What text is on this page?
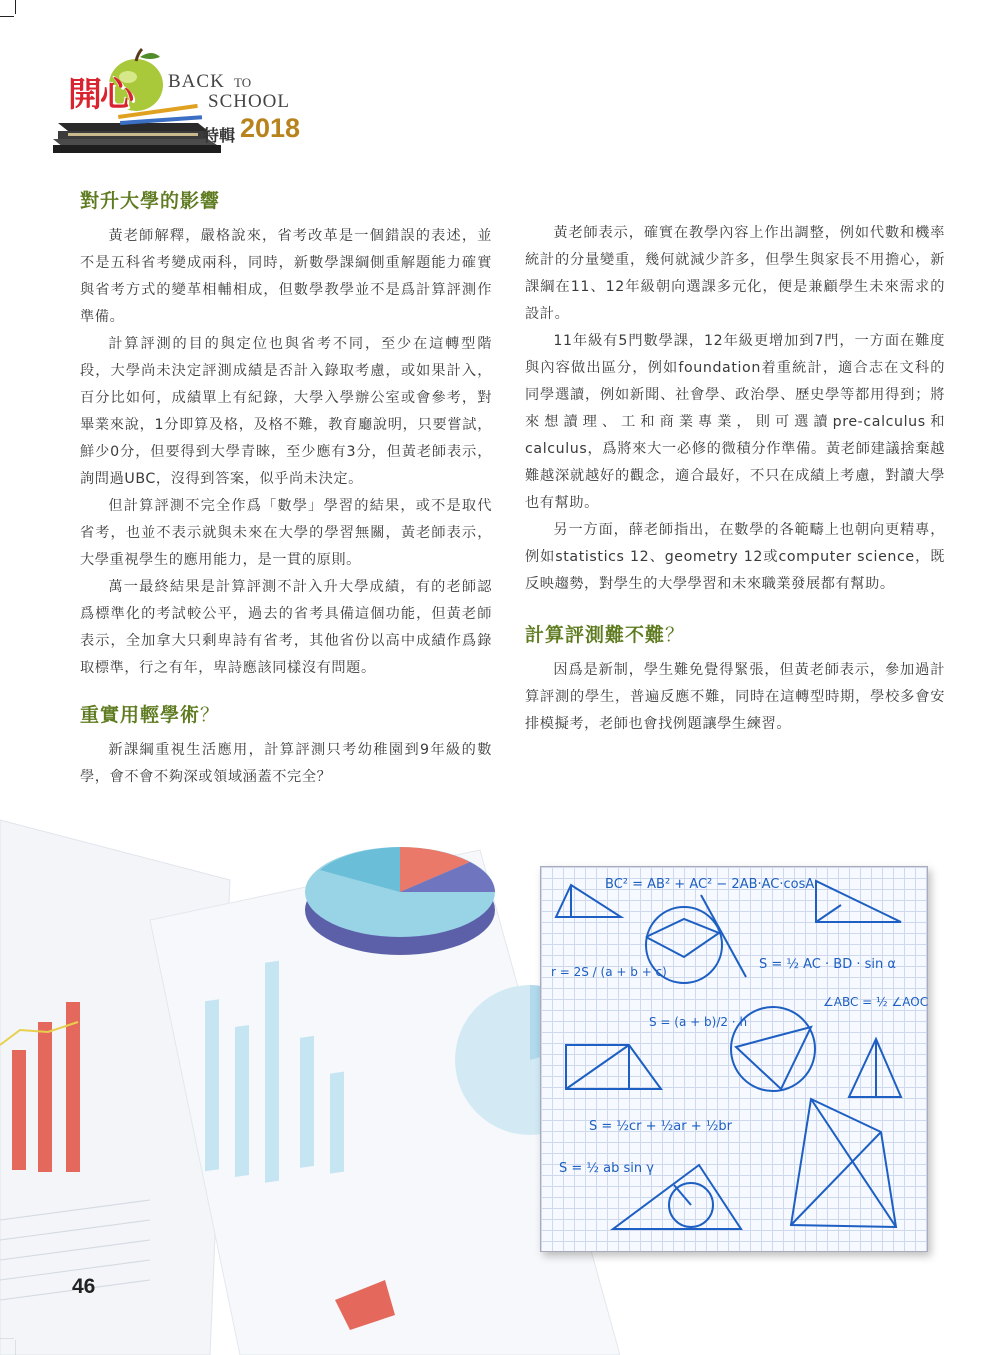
開心 BACK TO
SCHOOL
特輯 2018
對升大學的影響

黃老師解釋，嚴格說來，省考改革是一個錯誤的表述，並不是五科省考變成兩科，同時，新數學課綱側重解題能力確實與省考方式的變革相輔相成，但數學教學並不是爲計算評測作準備。

計算評測的目的與定位也與省考不同，至少在這轉型階段，大學尚未決定評測成績是否計入錄取考慮，或如果計入，百分比如何，成績單上有紀錄，大學入學辦公室或會參考，對畢業來說，1分即算及格，及格不難，教育廳說明，只要嘗試，鮮少0分，但要得到大學青睞，至少應有3分，但黃老師表示，詢問過UBC，沒得到答案，似乎尚未決定。

但計算評測不完全作爲「數學」學習的結果，或不是取代省考，也並不表示就與未來在大學的學習無關，黃老師表示，大學重視學生的應用能力，是一貫的原則。

萬一最終結果是計算評測不計入升大學成績，有的老師認爲標準化的考試較公平，過去的省考具備這個功能，但黃老師表示，全加拿大只剩卑詩有省考，其他省份以高中成績作爲錄取標準，行之有年，卑詩應該同樣沒有問題。

重實用輕學術？

新課綱重視生活應用，計算評測只考幼稚園到9年級的數學，會不會不夠深或領域涵蓋不完全？

黃老師表示，確實在教學內容上作出調整，例如代數和機率統計的分量變重，幾何就減少許多，但學生與家長不用擔心，新課綱在11、12年級朝向選課多元化，便是兼顧學生未來需求的設計。

11年級有5門數學課，12年級更增加到7門，一方面在難度與內容做出區分，例如foundation着重統計，適合志在文科的同學選讀，例如新聞、社會學、政治學、歷史學等都用得到；將來想讀理、工和商業專業，則可選讀pre-calculus和calculus，爲將來大一必修的微積分作準備。黃老師建議捨棄越難越深就越好的觀念，適合最好，不只在成績上考慮，對讀大學也有幫助。

另一方面，薛老師指出，在數學的各範疇上也朝向更精專，例如statistics 12、geometry 12或computer science，既反映趨勢，對學生的大學學習和未來職業發展都有幫助。

計算評測難不難？

因爲是新制，學生難免覺得緊張，但黃老師表示，參加過計算評測的學生，普遍反應不難，同時在這轉型時期，學校多會安排模擬考，老師也會找例題讓學生練習。

BC² = AB² + AC² − 2AB·AC·cosA
r = 2S / (a + b + c)	S = ½ AC · BD · sin α
∠ABC = ½ ∠AOC
S = (a + b)/2 · h
S = ½cr + ½ar + ½br
S = ½ ab sin γ
46
